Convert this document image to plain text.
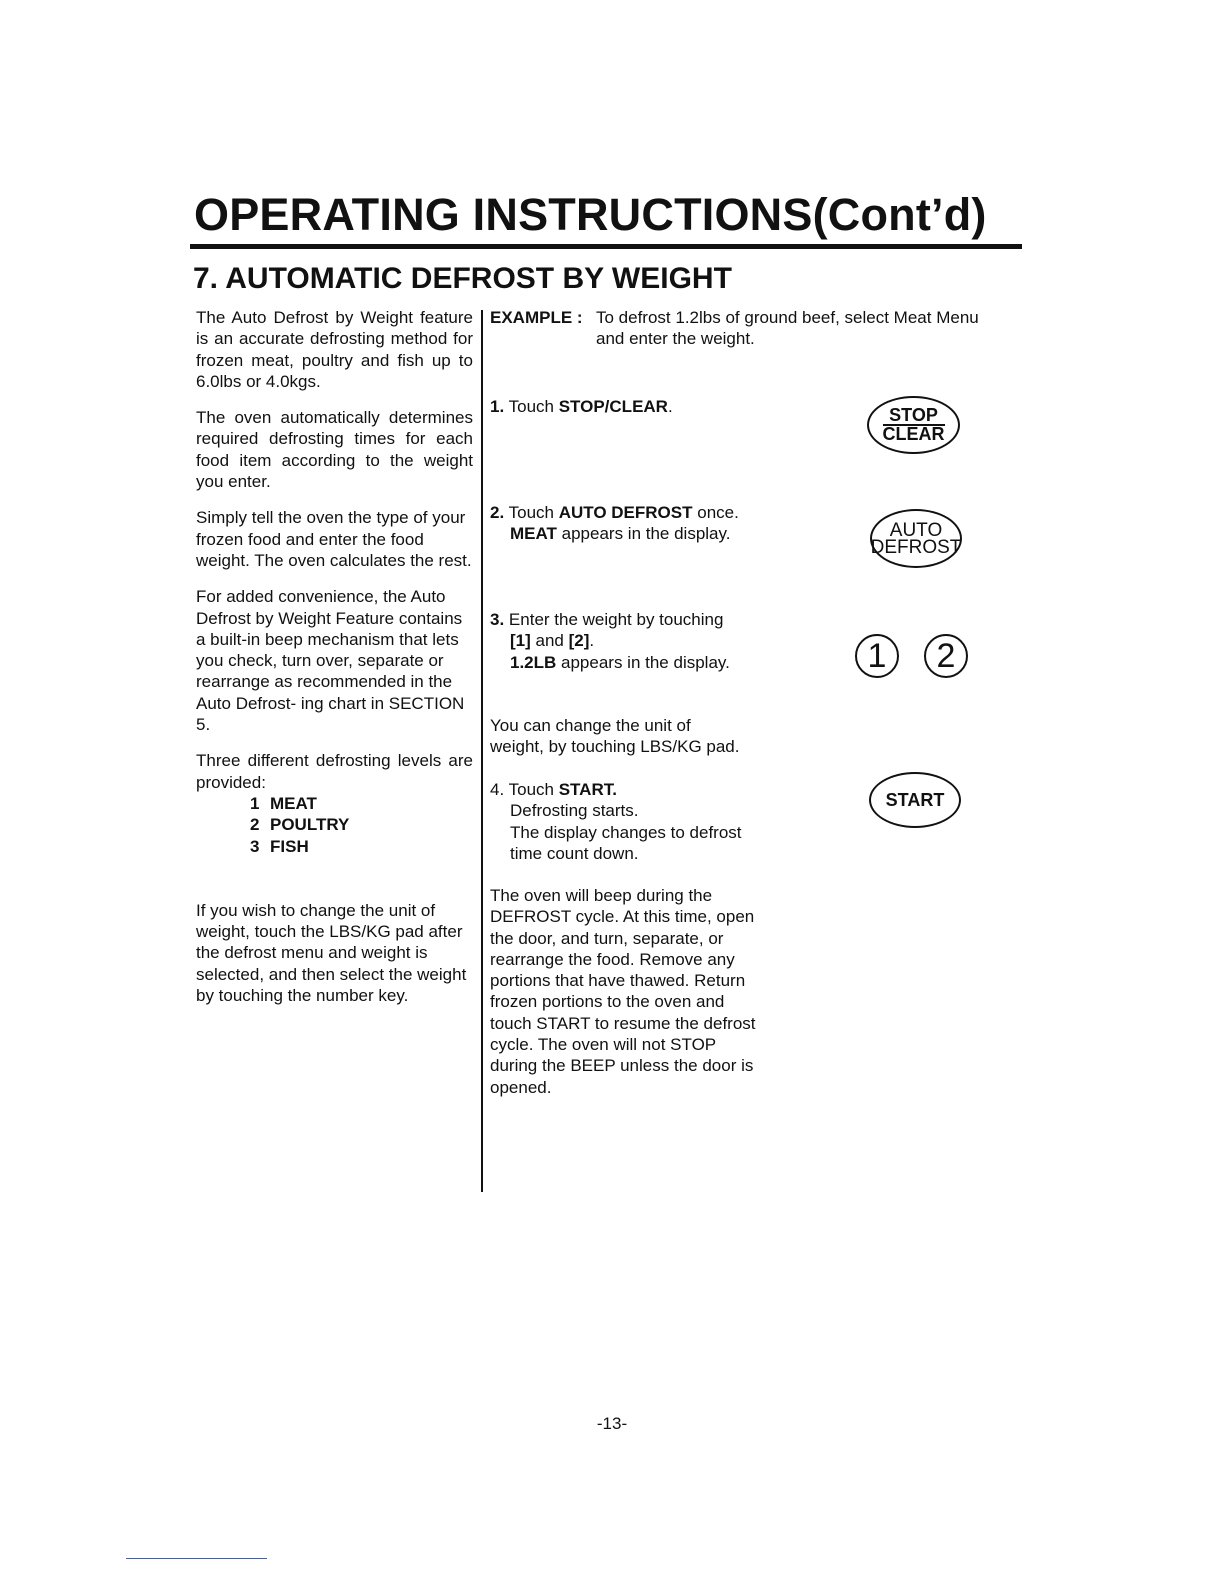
OPERATING INSTRUCTIONS(Cont’d)
7. AUTOMATIC DEFROST BY WEIGHT

The Auto Defrost by Weight feature is an accurate defrosting method for frozen meat, poultry and fish up to 6.0lbs or 4.0kgs.

The oven automatically determines required defrosting times for each food item according to the weight you enter.

Simply tell the oven the type of your frozen food and enter the food weight. The oven calculates the rest.

For added convenience, the Auto Defrost by Weight Feature contains a built-in beep mechanism that lets you check, turn over, separate or rearrange as recommended in the Auto Defrost- ing chart in SECTION 5.

Three different defrosting levels are provided:

1 MEAT
2 POULTRY
3 FISH

If you wish to change the unit of weight, touch the LBS/KG pad after the defrost menu and weight is selected, and then select the weight by touching the number key.

EXAMPLE : To defrost 1.2lbs of ground beef, select Meat Menu
and enter the weight.
1. Touch STOP/CLEAR.
2. Touch AUTO DEFROST once.
MEAT appears in the display.
3. Enter the weight by touching
[1] and [2].
1.2LB appears in the display.
You can change the unit of
weight, by touching LBS/KG pad.
4. Touch START.
Defrosting starts.
The display changes to defrost
time count down.
The oven will beep during the DEFROST cycle. At this time, open the door, and turn, separate, or rearrange the food. Remove any portions that have thawed. Return frozen portions to the oven and touch START to resume the defrost cycle. The oven will not STOP during the BEEP unless the door is opened.
STOP
CLEAR
AUTO
DEFROST
1	2
START
-13-
